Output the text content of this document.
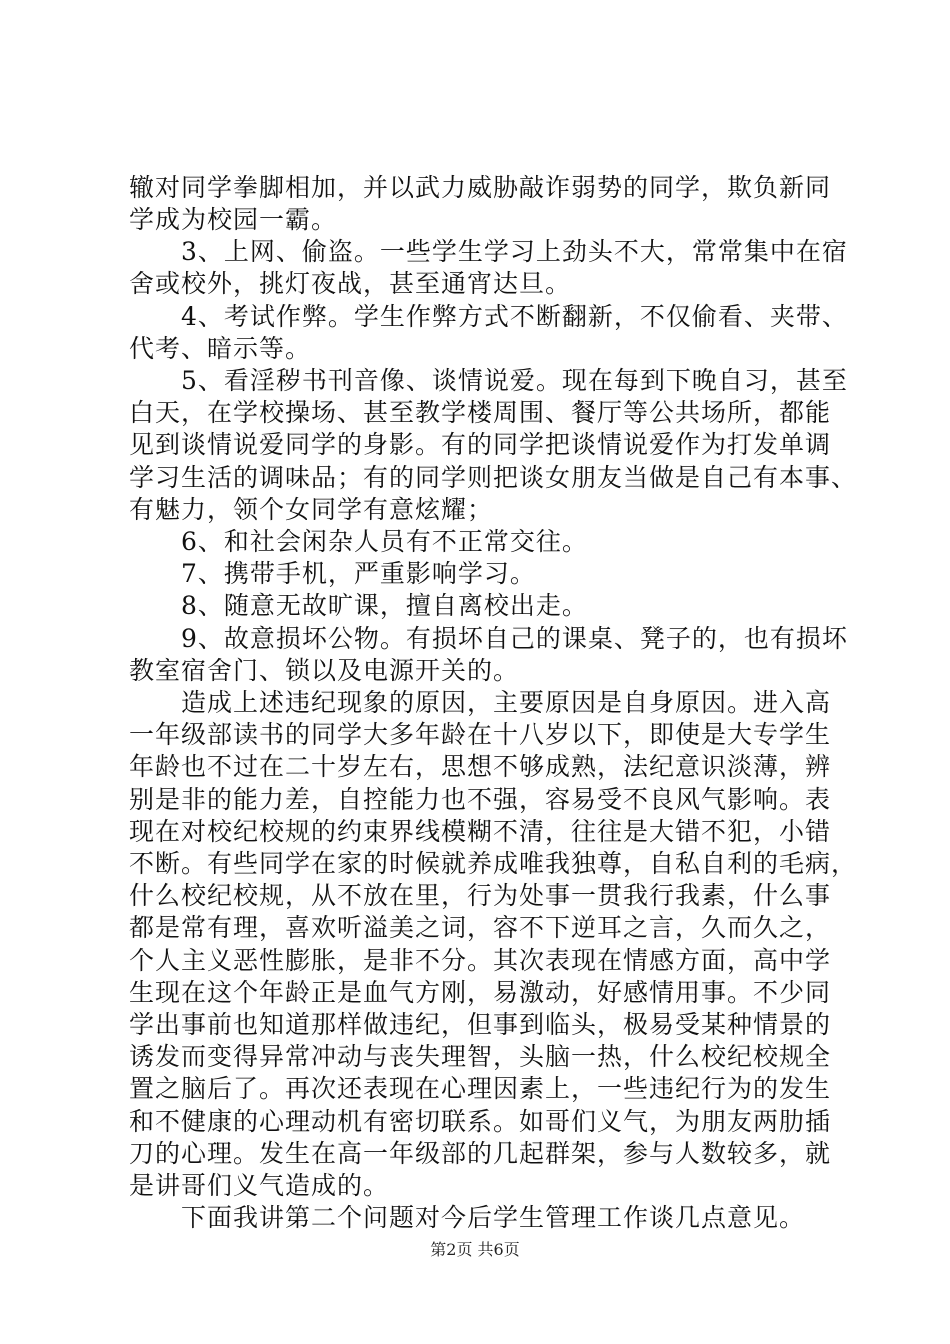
辙对同学拳脚相加，并以武力威胁敲诈弱势的同学，欺负新同
学成为校园一霸。
　　3、上网、偷盗。一些学生学习上劲头不大，常常集中在宿
舍或校外，挑灯夜战，甚至通宵达旦。
　　4、考试作弊。学生作弊方式不断翻新，不仅偷看、夹带、
代考、暗示等。
　　5、看淫秽书刊音像、谈情说爱。现在每到下晚自习，甚至
白天，在学校操场、甚至教学楼周围、餐厅等公共场所，都能
见到谈情说爱同学的身影。有的同学把谈情说爱作为打发单调
学习生活的调味品；有的同学则把谈女朋友当做是自己有本事、
有魅力，领个女同学有意炫耀；
　　6、和社会闲杂人员有不正常交往。
　　7、携带手机，严重影响学习。
　　8、随意无故旷课，擅自离校出走。
　　9、故意损坏公物。有损坏自己的课桌、凳子的，也有损坏
教室宿舍门、锁以及电源开关的。
　　造成上述违纪现象的原因，主要原因是自身原因。进入高
一年级部读书的同学大多年龄在十八岁以下，即使是大专学生
年龄也不过在二十岁左右，思想不够成熟，法纪意识淡薄，辨
别是非的能力差，自控能力也不强，容易受不良风气影响。表
现在对校纪校规的约束界线模糊不清，往往是大错不犯，小错
不断。有些同学在家的时候就养成唯我独尊，自私自利的毛病，
什么校纪校规，从不放在里，行为处事一贯我行我素，什么事
都是常有理，喜欢听溢美之词，容不下逆耳之言，久而久之，
个人主义恶性膨胀，是非不分。其次表现在情感方面，高中学
生现在这个年龄正是血气方刚，易激动，好感情用事。不少同
学出事前也知道那样做违纪，但事到临头，极易受某种情景的
诱发而变得异常冲动与丧失理智，头脑一热，什么校纪校规全
置之脑后了。再次还表现在心理因素上，一些违纪行为的发生
和不健康的心理动机有密切联系。如哥们义气，为朋友两肋插
刀的心理。发生在高一年级部的几起群架，参与人数较多，就
是讲哥们义气造成的。
　　下面我讲第二个问题对今后学生管理工作谈几点意见。
第2页 共6页
